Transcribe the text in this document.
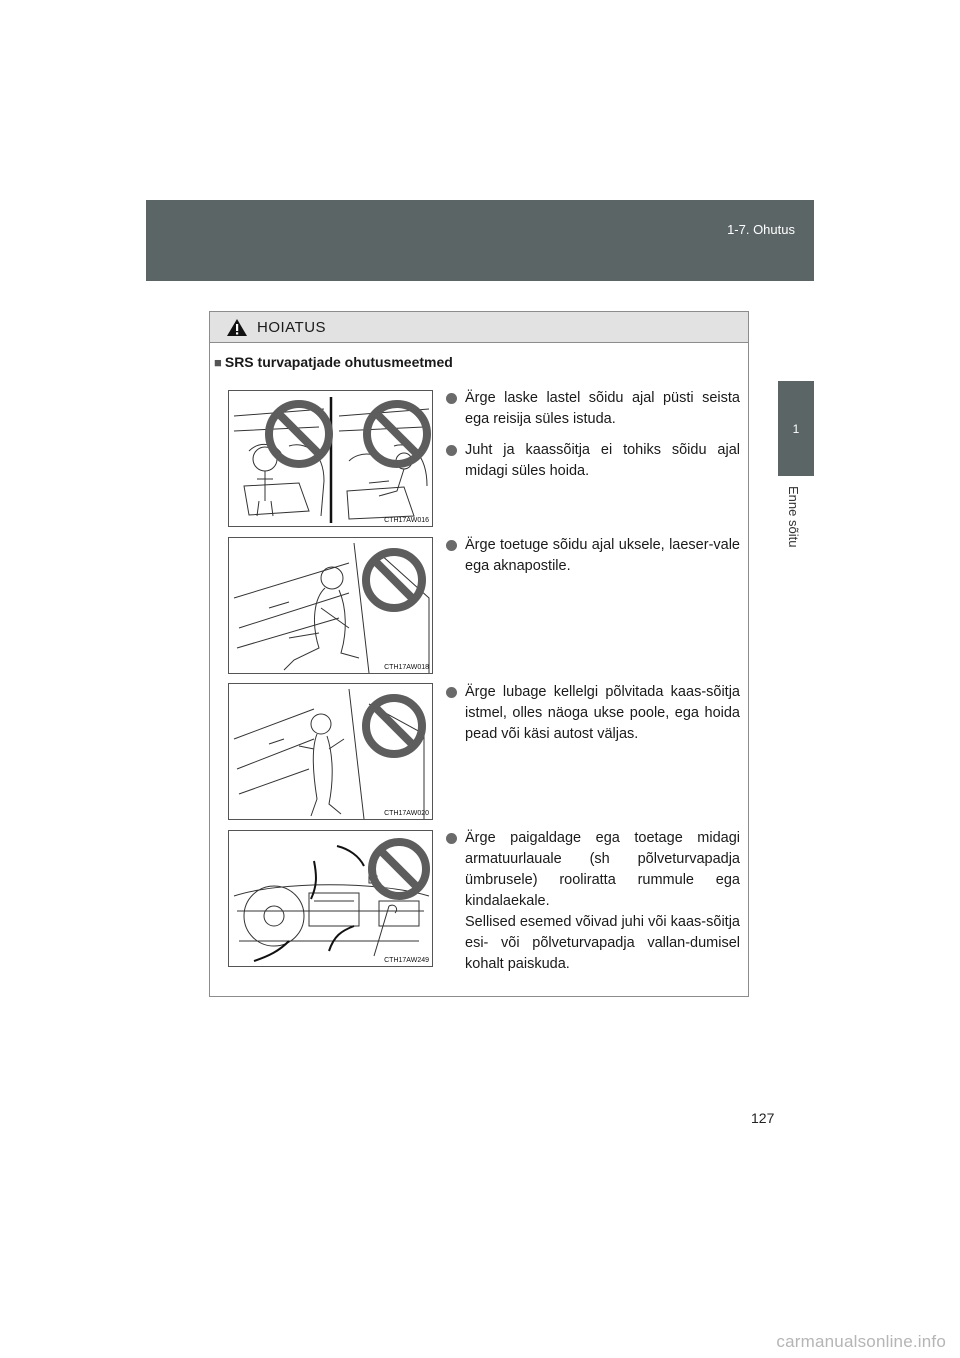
1-7. Ohutus
1
Enne sõitu
HOIATUS
■ SRS turvapatjade ohutusmeetmed
CTH17AW016
CTH17AW018
CTH17AW020
CTH17AW249
Ärge laske lastel sõidu ajal püsti seista ega reisija süles istuda.
Juht ja kaassõitja ei tohiks sõidu ajal midagi süles hoida.
Ärge toetuge sõidu ajal uksele, laeser-vale ega aknapostile.
Ärge lubage kellelgi põlvitada kaas-sõitja istmel, olles näoga ukse poole, ega hoida pead või käsi autost väljas.
Ärge paigaldage ega toetage midagi armatuurlauale (sh põlveturvapadja ümbrusele) rooliratta rummule ega kindalaekale.
Sellised esemed võivad juhi või kaas-sõitja esi- või põlveturvapadja vallan-dumisel kohalt paiskuda.
127
carmanualsonline.info
